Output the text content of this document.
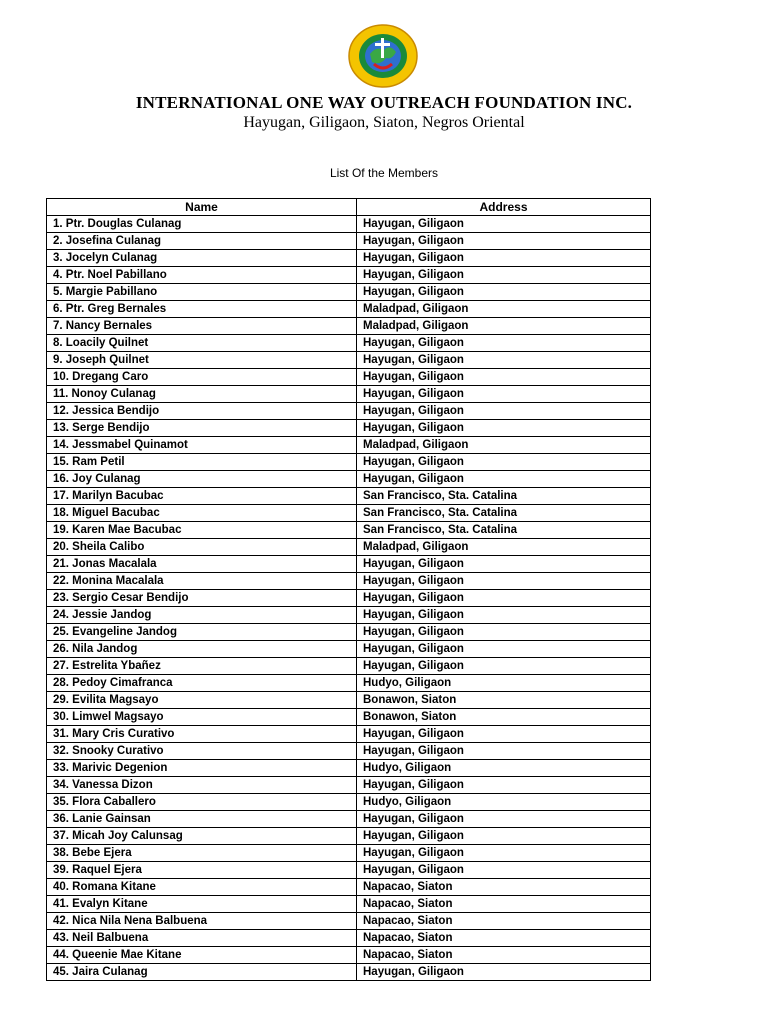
INTERNATIONAL ONE WAY OUTREACH FOUNDATION INC.
Hayugan, Giligaon, Siaton, Negros Oriental
List Of the Members
Name	Address
1. Ptr. Douglas Culanag	Hayugan, Giligaon
2. Josefina Culanag	Hayugan, Giligaon
3. Jocelyn Culanag	Hayugan, Giligaon
4. Ptr. Noel Pabillano	Hayugan, Giligaon
5. Margie Pabillano	Hayugan, Giligaon
6. Ptr. Greg Bernales	Maladpad, Giligaon
7. Nancy Bernales	Maladpad, Giligaon
8. Loacily Quilnet	Hayugan, Giligaon
9. Joseph Quilnet	Hayugan, Giligaon
10. Dregang Caro	Hayugan, Giligaon
11. Nonoy Culanag	Hayugan, Giligaon
12. Jessica Bendijo	Hayugan, Giligaon
13. Serge Bendijo	Hayugan, Giligaon
14. Jessmabel Quinamot	Maladpad, Giligaon
15. Ram Petil	Hayugan, Giligaon
16. Joy Culanag	Hayugan, Giligaon
17. Marilyn Bacubac	San Francisco, Sta. Catalina
18. Miguel Bacubac	San Francisco, Sta. Catalina
19. Karen Mae Bacubac	San Francisco, Sta. Catalina
20. Sheila Calibo	Maladpad, Giligaon
21. Jonas Macalala	Hayugan, Giligaon
22. Monina Macalala	Hayugan, Giligaon
23. Sergio Cesar Bendijo	Hayugan, Giligaon
24. Jessie Jandog	Hayugan, Giligaon
25. Evangeline Jandog	Hayugan, Giligaon
26. Nila Jandog	Hayugan, Giligaon
27. Estrelita Ybañez	Hayugan, Giligaon
28. Pedoy Cimafranca	Hudyo, Giligaon
29. Evilita Magsayo	Bonawon, Siaton
30. Limwel Magsayo	Bonawon, Siaton
31. Mary Cris Curativo	Hayugan, Giligaon
32. Snooky Curativo	Hayugan, Giligaon
33. Marivic Degenion	Hudyo, Giligaon
34. Vanessa Dizon	Hayugan, Giligaon
35. Flora Caballero	Hudyo, Giligaon
36. Lanie Gainsan	Hayugan, Giligaon
37. Micah Joy Calunsag	Hayugan, Giligaon
38. Bebe Ejera	Hayugan, Giligaon
39. Raquel Ejera	Hayugan, Giligaon
40. Romana Kitane	Napacao, Siaton
41. Evalyn Kitane	Napacao, Siaton
42. Nica Nila Nena Balbuena	Napacao, Siaton
43. Neil Balbuena	Napacao, Siaton
44. Queenie Mae Kitane	Napacao, Siaton
45. Jaira Culanag	Hayugan, Giligaon
